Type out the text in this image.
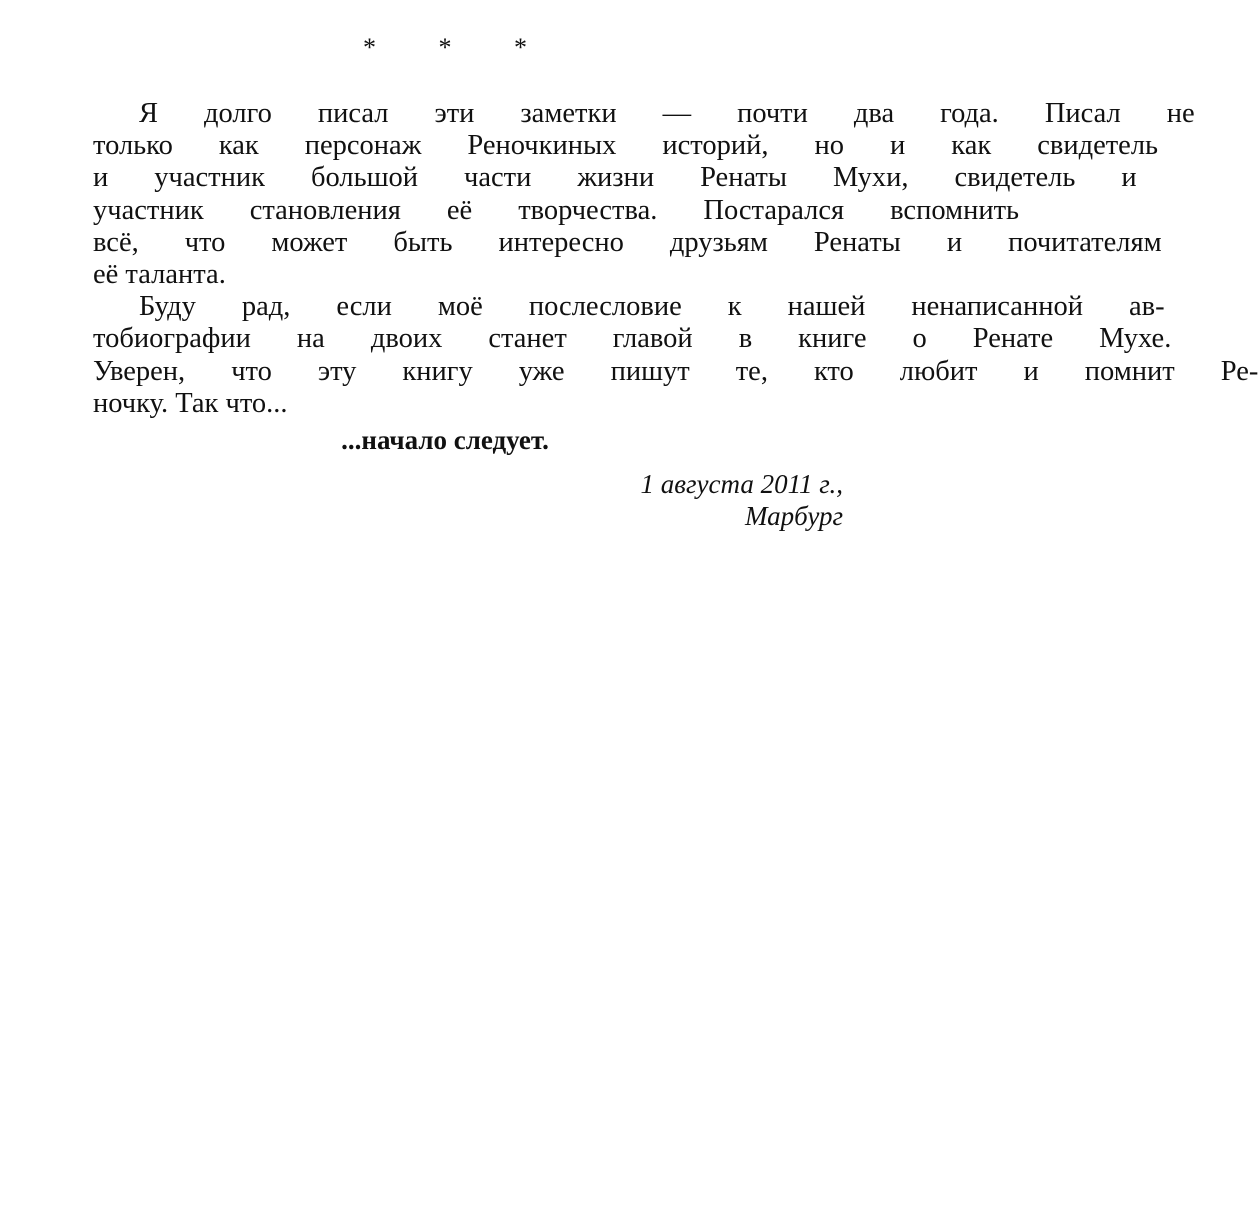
* * *
Я	долго	писал	эти	заметки	—	почти	два	года.	Писал	не
только	как	персонаж	Реночкиных	историй,	но	и	как	свидетель
и	участник	большой	части	жизни	Ренаты	Мухи,	свидетель	и
участник	становления	её	творчества.	Постарался	вспомнить
всё,	что	может	быть	интересно	друзьям	Ренаты	и	почитателям
её таланта.
Буду	рад,	если	моё	послесловие	к	нашей	ненаписанной	ав-
тобиографии	на	двоих	станет	главой	в	книге	о	Ренате	Мухе.
Уверен,	что	эту	книгу	уже	пишут	те,	кто	любит	и	помнит	Ре-
ночку. Так что...
...начало следует.
1 августа 2011 г.,
Марбург
